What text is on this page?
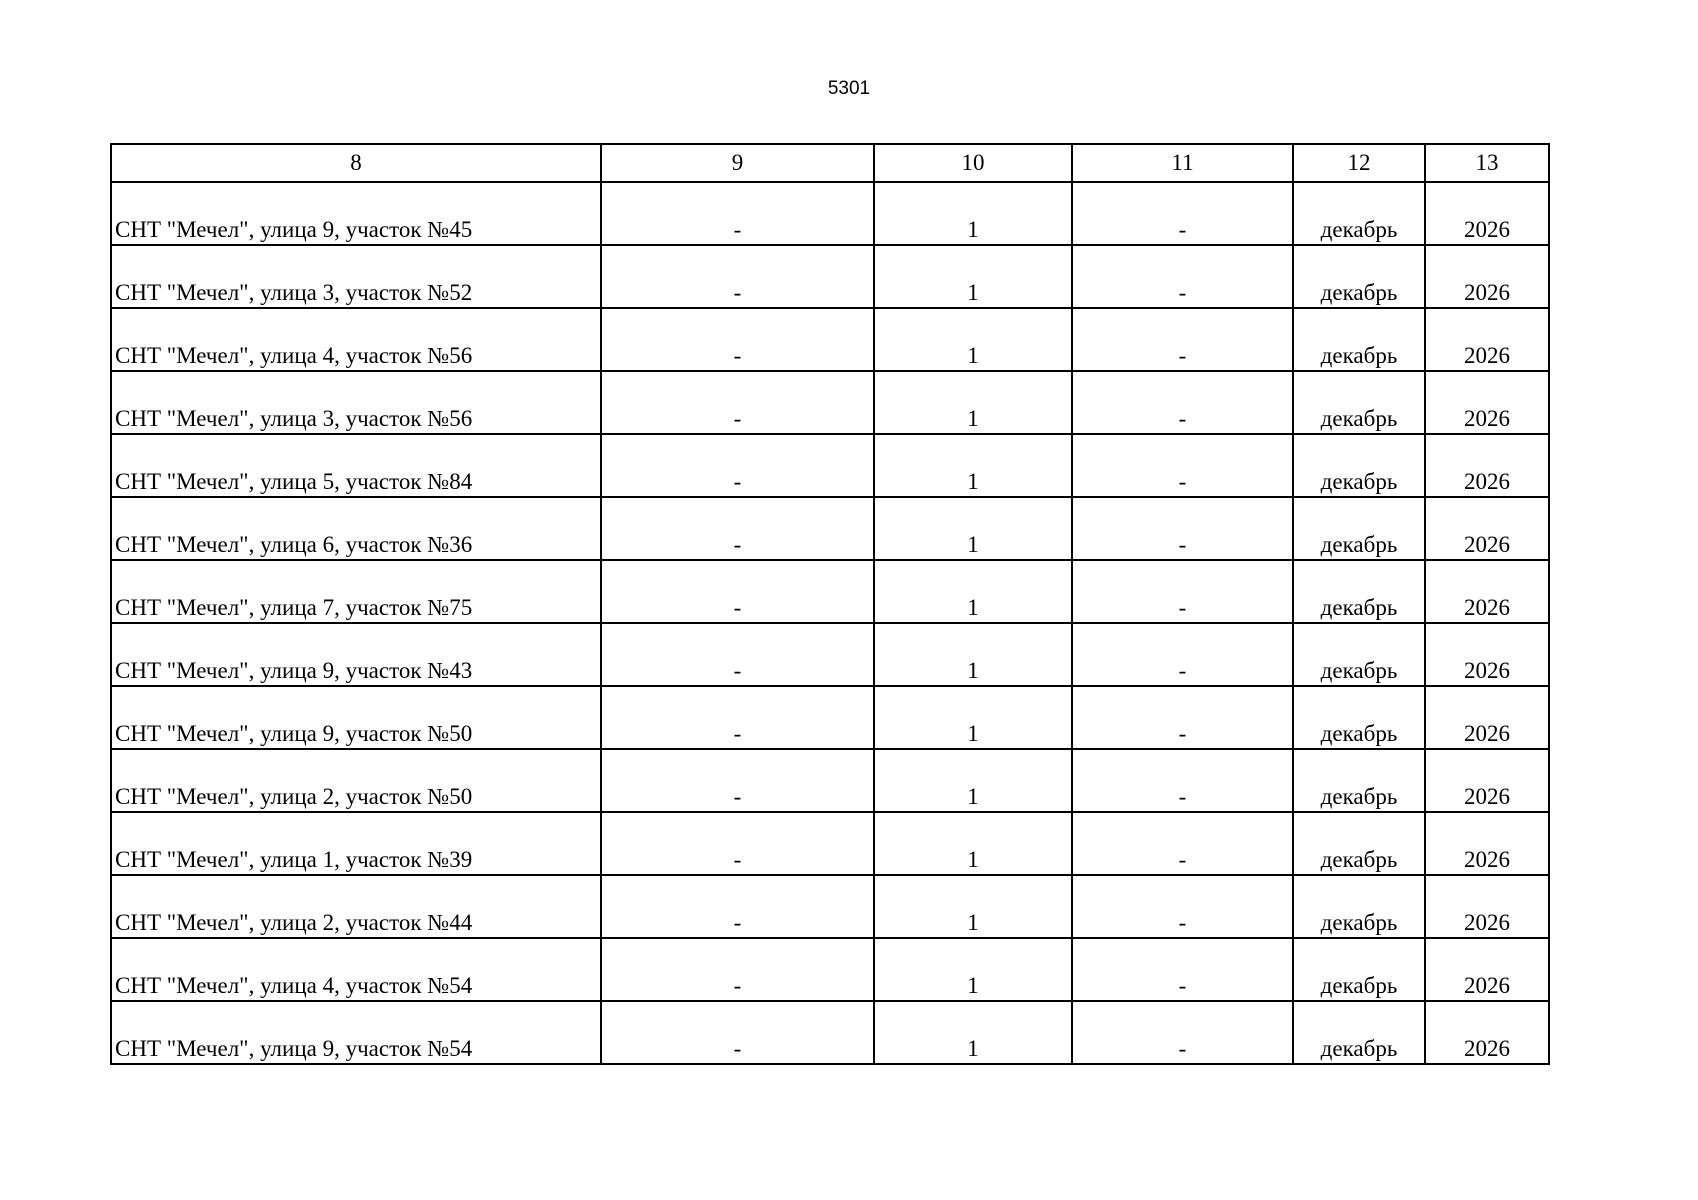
5301
8	9	10	11	12	13
СНТ "Мечел", улица 9, участок №45	-	1	-	декабрь	2026
СНТ "Мечел", улица 3, участок №52	-	1	-	декабрь	2026
СНТ "Мечел", улица 4, участок №56	-	1	-	декабрь	2026
СНТ "Мечел", улица 3, участок №56	-	1	-	декабрь	2026
СНТ "Мечел", улица 5, участок №84	-	1	-	декабрь	2026
СНТ "Мечел", улица 6, участок №36	-	1	-	декабрь	2026
СНТ "Мечел", улица 7, участок №75	-	1	-	декабрь	2026
СНТ "Мечел", улица 9, участок №43	-	1	-	декабрь	2026
СНТ "Мечел", улица 9, участок №50	-	1	-	декабрь	2026
СНТ "Мечел", улица 2, участок №50	-	1	-	декабрь	2026
СНТ "Мечел", улица 1, участок №39	-	1	-	декабрь	2026
СНТ "Мечел", улица 2, участок №44	-	1	-	декабрь	2026
СНТ "Мечел", улица 4, участок №54	-	1	-	декабрь	2026
СНТ "Мечел", улица 9, участок №54	-	1	-	декабрь	2026
